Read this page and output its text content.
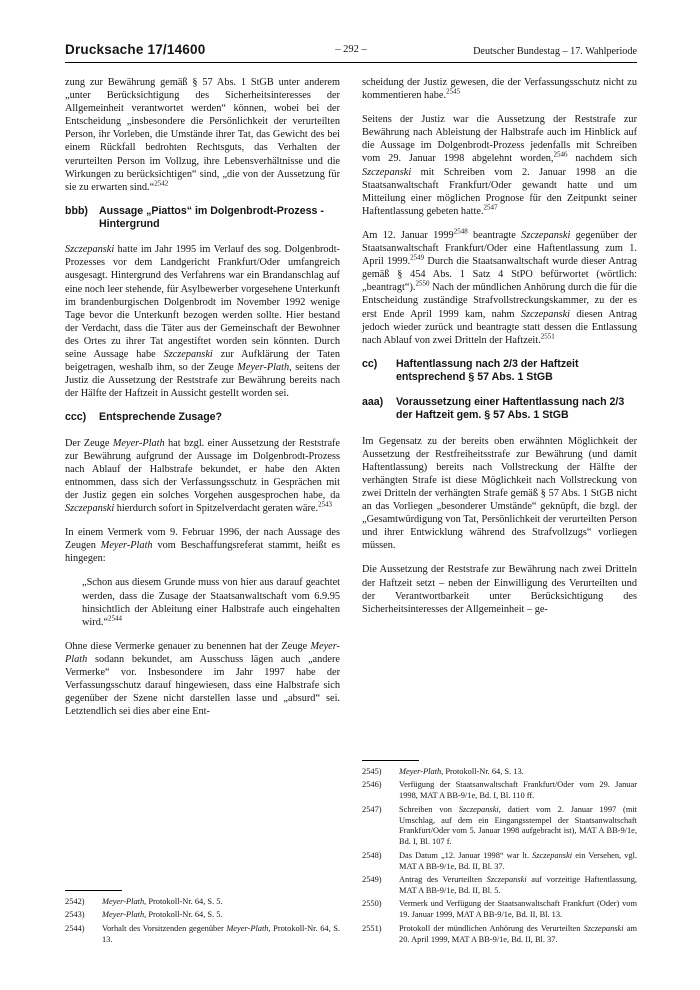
Drucksache 17/14600	– 292 –	Deutscher Bundestag – 17. Wahlperiode
zung zur Bewährung gemäß § 57 Abs. 1 StGB unter anderem „unter Berücksichtigung des Sicherheitsinteresses der Allgemeinheit verantwortet werden“ können, wobei bei der Entscheidung „insbesondere die Persönlichkeit der verurteilten Person, ihr Vorleben, die Umstände ihrer Tat, das Gewicht des bei einem Rückfall bedrohten Rechtsguts, das Verhalten der verurteilten Person im Vollzug, ihre Lebensverhältnisse und die Wirkungen zu berücksichtigen“ sind, „die von der Aussetzung für sie zu erwarten sind.“$^{2542}$
bbb)	Aussage „Piattos“ im Dolgenbrodt-Prozess - Hintergrund
Szczepanski hatte im Jahr 1995 im Verlauf des sog. Dolgenbrodt-Prozesses vor dem Landgericht Frankfurt/Oder umfangreich ausgesagt. Hintergrund des Verfahrens war ein Brandanschlag auf eine noch leer stehende, für Asylbewerber vorgesehene Unterkunft im brandenburgischen Dolgenbrodt im November 1992 wenige Tage bevor die Unterkunft bezogen werden sollte. Hier bestand der Verdacht, dass die Täter aus der Gemeinschaft der Bewohner des Ortes zu ihrer Tat angestiftet worden sein könnten. Durch seine Aussage habe Szczepanski zur Aufklärung der Taten beigetragen, weshalb ihm, so der Zeuge Meyer-Plath, seitens der Justiz die Aussetzung der Reststrafe zur Bewährung bereits nach der Hälfte der Haftzeit in Aussicht gestellt worden sei.
ccc)	Entsprechende Zusage?
Der Zeuge Meyer-Plath hat bzgl. einer Aussetzung der Reststrafe zur Bewährung aufgrund der Aussage im Dolgenbrodt-Prozess nach Ablauf der Halbstrafe bekundet, er habe den Akten entnommen, dass sich der Verfassungsschutz in Gesprächen mit der Justiz gegen ein solches Vorgehen ausgesprochen habe, da Szczepanski hierdurch sofort in Spitzelverdacht geraten wäre.$^{2543}$
In einem Vermerk vom 9. Februar 1996, der nach Aussage des Zeugen Meyer-Plath vom Beschaffungsreferat stammt, heißt es hingegen:
„Schon aus diesem Grunde muss von hier aus darauf geachtet werden, dass die Zusage der Staatsanwaltschaft vom 6.9.95 hinsichtlich der Ableitung einer Halbstrafe auch eingehalten wird.“$^{2544}$
Ohne diese Vermerke genauer zu benennen hat der Zeuge Meyer-Plath sodann bekundet, am Ausschuss lägen auch „andere Vermerke“ vor. Insbesondere im Jahr 1997 habe der Verfassungsschutz darauf hingewiesen, dass eine Halbstrafe sich gegenüber der Szene nicht darstellen lasse und „absurd“ sei. Letztendlich sei dies aber eine Ent-
2542)	Meyer-Plath, Protokoll-Nr. 64, S. 5.
2543)	Meyer-Plath, Protokoll-Nr. 64, S. 5.
2544)	Vorhalt des Vorsitzenden gegenüber Meyer-Plath, Protokoll-Nr. 64, S. 13.
scheidung der Justiz gewesen, die der Verfassungsschutz nicht zu kommentieren habe.$^{2545}$
Seitens der Justiz war die Aussetzung der Reststrafe zur Bewährung nach Ableistung der Halbstrafe auch im Hinblick auf die Aussage im Dolgenbrodt-Prozess jedenfalls mit Schreiben vom 29. Januar 1998 abgelehnt worden,$^{2546}$ nachdem sich Szczepanski mit Schreiben vom 2. Januar 1998 an die Staatsanwaltschaft Frankfurt/Oder gewandt hatte und um Mitteilung einer möglichen Prognose für den Zeitpunkt seiner Haftentlassung gebeten hatte.$^{2547}$
Am 12. Januar $1999^{2548}$ beantragte Szczepanski gegenüber der Staatsanwaltschaft Frankfurt/Oder eine Haftentlassung zum 1. April 1999.$^{2549}$ Durch die Staatsanwaltschaft wurde dieser Antrag gemäß § 454 Abs. 1 Satz 4 StPO befürwortet (wörtlich: „beantragt“).$^{2550}$ Nach der mündlichen Anhörung durch die für die Entscheidung zuständige Strafvollstreckungskammer, zu der es erst Ende April 1999 kam, nahm Szczepanski diesen Antrag jedoch wieder zurück und beantragte statt dessen die Entlassung nach Ablauf von zwei Dritteln der Haftzeit.$^{2551}$
cc)	Haftentlassung nach 2/3 der Haftzeit entsprechend § 57 Abs. 1 StGB
aaa)	Voraussetzung einer Haftentlassung nach 2/3 der Haftzeit gem. § 57 Abs. 1 StGB
Im Gegensatz zu der bereits oben erwähnten Möglichkeit der Aussetzung der Restfreiheitsstrafe zur Bewährung (und damit Haftentlassung) bereits nach Vollstreckung der Hälfte der verhängten Strafe ist diese Möglichkeit nach Vollstreckung von zwei Dritteln der verhängten Strafe gemäß § 57 Abs. 1 StGB nicht an das Vorliegen „besonderer Umstände“ geknüpft, die bzgl. der „Gesamtwürdigung von Tat, Persönlichkeit der verurteilten Person und ihrer Entwicklung während des Strafvollzugs“ vorliegen müssen.
Die Aussetzung der Reststrafe zur Bewährung nach zwei Dritteln der Haftzeit setzt – neben der Einwilligung des Verurteilten und der Verantwortbarkeit unter Berücksichtigung des Sicherheitsinteresses der Allgemeinheit – ge-
2545)	Meyer-Plath, Protokoll-Nr. 64, S. 13.
2546)	Verfügung der Staatsanwaltschaft Frankfurt/Oder vom 29. Januar 1998, MAT A BB-9/1e, Bd. I, Bl. 110 ff.
2547)	Schreiben von Szczepanski, datiert vom 2. Januar 1997 (mit Umschlag, auf dem ein Eingangsstempel der Staatsanwaltschaft Frankfurt/Oder vom 5. Januar 1998 aufgebracht ist), MAT A BB-9/1e, Bd. I, Bl. 107 f.
2548)	Das Datum „12. Januar 1998“ war lt. Szczepanski ein Versehen, vgl. MAT A BB-9/1e, Bd. II, Bl. 37.
2549)	Antrag des Verurteilten Szczepanski auf vorzeitige Haftentlassung, MAT A BB-9/1e, Bd. II, Bl. 5.
2550)	Vermerk und Verfügung der Staatsanwaltschaft Frankfurt (Oder) vom 19. Januar 1999, MAT A BB-9/1e, Bd. II, Bl. 13.
2551)	Protokoll der mündlichen Anhörung des Verurteilten Szczepanski am 20. April 1999, MAT A BB-9/1e, Bd. II, Bl. 37.
